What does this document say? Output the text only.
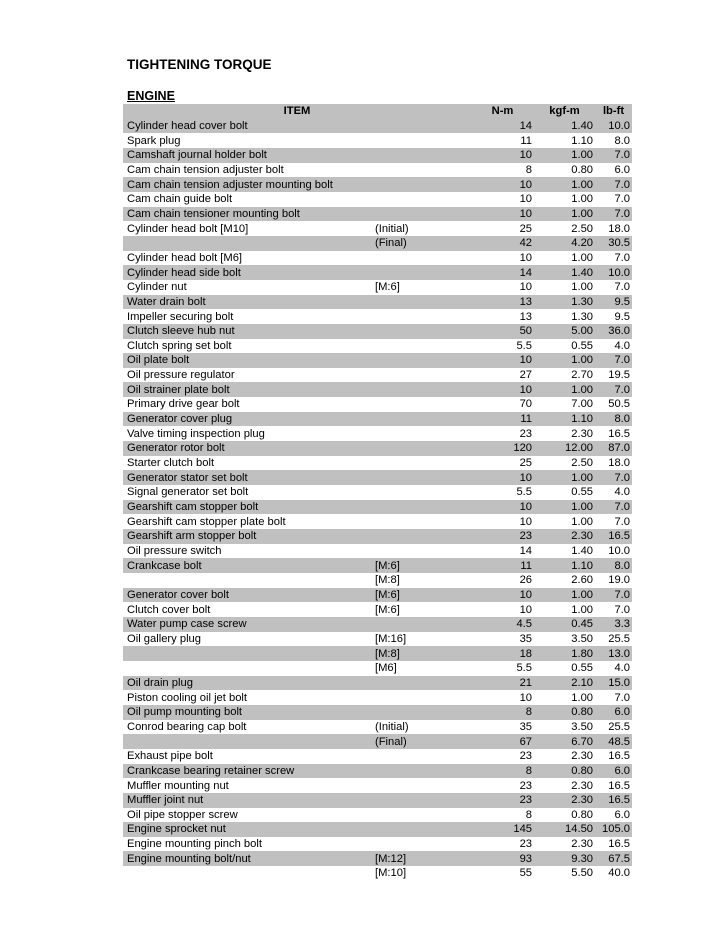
TIGHTENING TORQUE
ENGINE
ITEM		N-m	kgf-m	lb-ft
Cylinder head cover bolt		14	1.40	10.0
Spark plug		11	1.10	8.0
Camshaft journal holder bolt		10	1.00	7.0
Cam chain tension adjuster bolt		8	0.80	6.0
Cam chain tension adjuster mounting bolt		10	1.00	7.0
Cam chain guide bolt		10	1.00	7.0
Cam chain tensioner mounting bolt		10	1.00	7.0
Cylinder head bolt [M10]	(Initial)	25	2.50	18.0
	(Final)	42	4.20	30.5
Cylinder head bolt [M6]		10	1.00	7.0
Cylinder head side bolt		14	1.40	10.0
Cylinder nut	[M:6]	10	1.00	7.0
Water drain bolt		13	1.30	9.5
Impeller securing bolt		13	1.30	9.5
Clutch sleeve hub nut		50	5.00	36.0
Clutch spring set bolt		5.5	0.55	4.0
Oil plate bolt		10	1.00	7.0
Oil pressure regulator		27	2.70	19.5
Oil strainer plate bolt		10	1.00	7.0
Primary drive gear bolt		70	7.00	50.5
Generator cover plug		11	1.10	8.0
Valve timing inspection plug		23	2.30	16.5
Generator rotor bolt		120	12.00	87.0
Starter clutch bolt		25	2.50	18.0
Generator stator set bolt		10	1.00	7.0
Signal generator set bolt		5.5	0.55	4.0
Gearshift cam stopper bolt		10	1.00	7.0
Gearshift cam stopper plate bolt		10	1.00	7.0
Gearshift arm stopper bolt		23	2.30	16.5
Oil pressure switch		14	1.40	10.0
Crankcase bolt	[M:6]	11	1.10	8.0
	[M:8]	26	2.60	19.0
Generator cover bolt	[M:6]	10	1.00	7.0
Clutch cover bolt	[M:6]	10	1.00	7.0
Water pump case screw		4.5	0.45	3.3
Oil gallery plug	[M:16]	35	3.50	25.5
	[M:8]	18	1.80	13.0
	[M6]	5.5	0.55	4.0
Oil drain plug		21	2.10	15.0
Piston cooling oil jet bolt		10	1.00	7.0
Oil pump mounting bolt		8	0.80	6.0
Conrod bearing cap bolt	(Initial)	35	3.50	25.5
	(Final)	67	6.70	48.5
Exhaust pipe bolt		23	2.30	16.5
Crankcase bearing retainer screw		8	0.80	6.0
Muffler mounting nut		23	2.30	16.5
Muffler joint nut		23	2.30	16.5
Oil pipe stopper screw		8	0.80	6.0
Engine sprocket nut		145	14.50	105.0
Engine mounting pinch bolt		23	2.30	16.5
Engine mounting bolt/nut	[M:12]	93	9.30	67.5
	[M:10]	55	5.50	40.0
